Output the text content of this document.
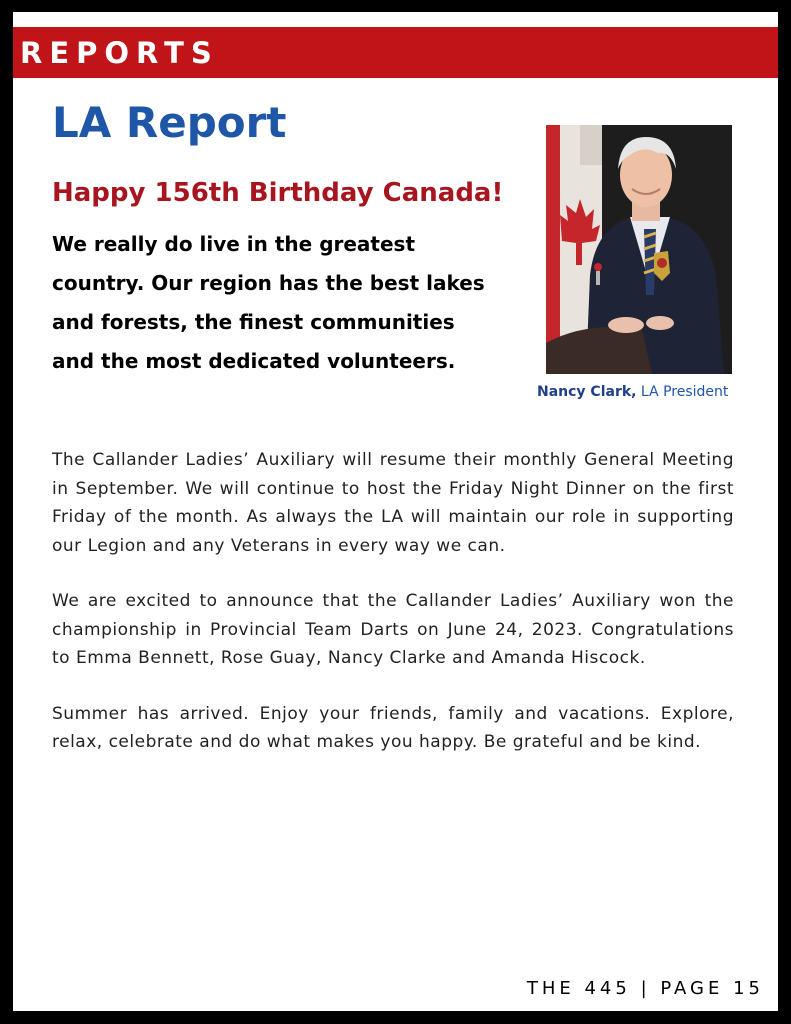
REPORTS
LA Report
Happy 156th Birthday Canada!
We really do live in the greatest
country. Our region has the best lakes
and forests, the finest communities
and the most dedicated volunteers.
Nancy Clark, LA President

The Callander Ladies’ Auxiliary will resume their monthly General Meeting in September. We will continue to host the Friday Night Dinner on the first Friday of the month. As always the LA will maintain our role in supporting our Legion and any Veterans in every way we can.

We are excited to announce that the Callander Ladies’ Auxiliary won the championship in Provincial Team Darts on June 24, 2023. Congratulations to Emma Bennett, Rose Guay, Nancy Clarke and Amanda Hiscock.

Summer has arrived. Enjoy your friends, family and vacations. Explore, relax, celebrate and do what makes you happy. Be grateful and be kind.

THE 445 | PAGE 15
